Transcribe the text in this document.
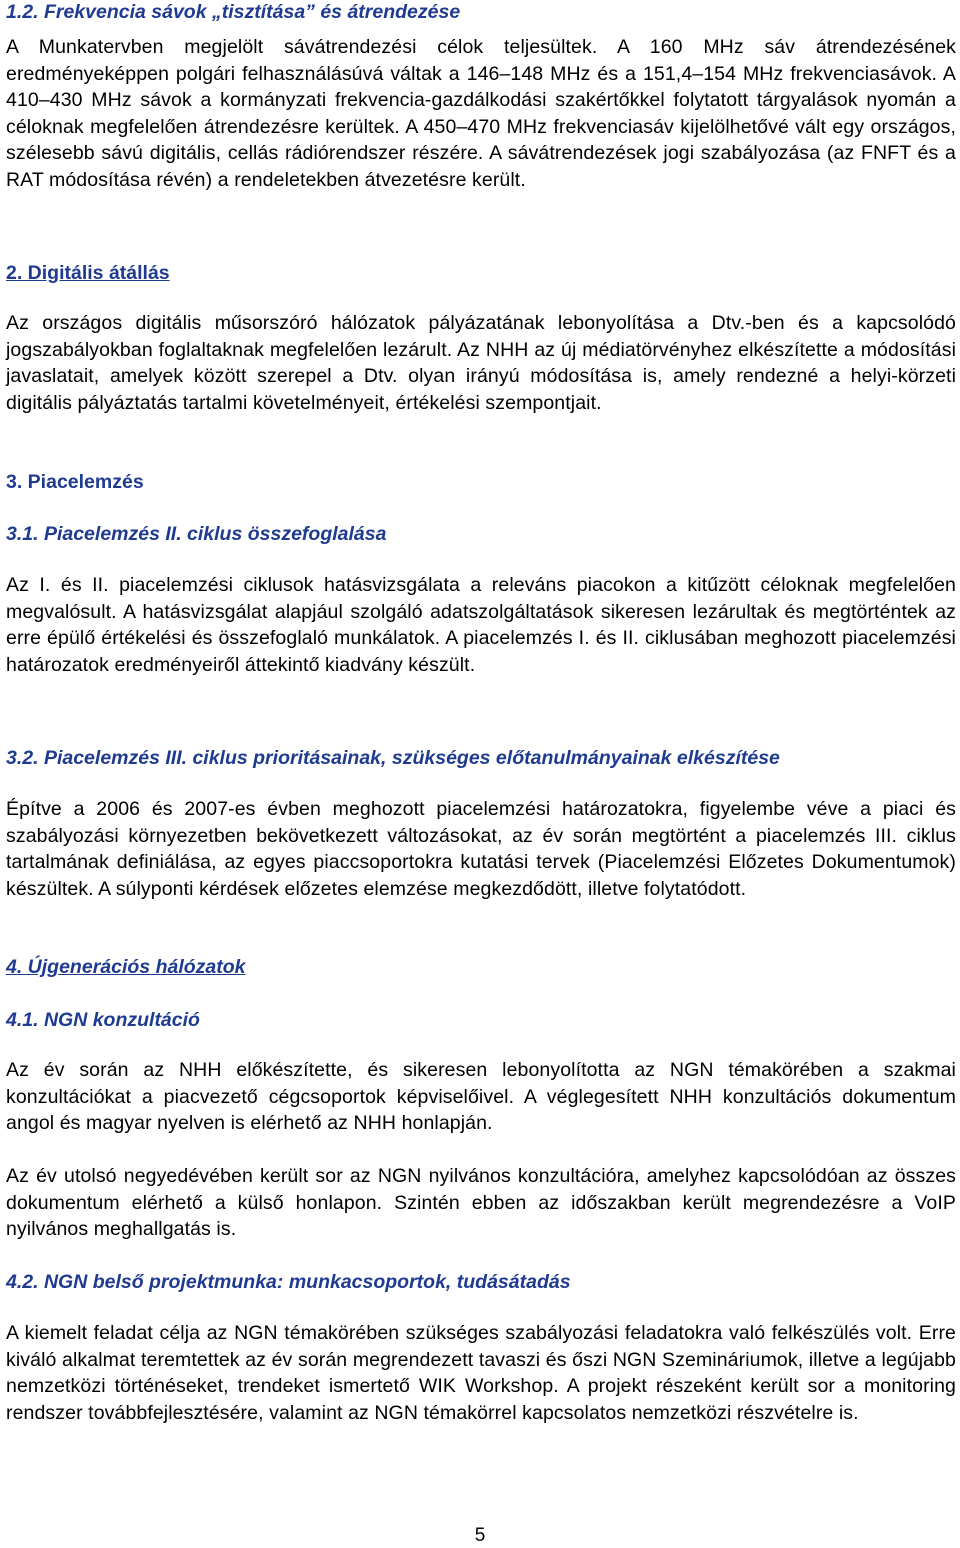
1.2. Frekvencia sávok „tisztítása” és átrendezése

A Munkatervben megjelölt sávátrendezési célok teljesültek. A 160 MHz sáv átrendezésének eredményeképpen polgári felhasználásúvá váltak a 146–148 MHz és a 151,4–154 MHz frekvenciasávok. A 410–430 MHz sávok a kormányzati frekvencia-gazdálkodási szakértőkkel folytatott tárgyalások nyomán a céloknak megfelelően átrendezésre kerültek. A 450–470 MHz frekvenciasáv kijelölhetővé vált egy országos, szélesebb sávú digitális, cellás rádiórendszer részére. A sávátrendezések jogi szabályozása (az FNFT és a RAT módosítása révén) a rendeletekben átvezetésre került.

2. Digitális átállás

Az országos digitális műsorszóró hálózatok pályázatának lebonyolítása a Dtv.-ben és a kapcsolódó jogszabályokban foglaltaknak megfelelően lezárult. Az NHH az új médiatörvényhez elkészítette a módosítási javaslatait, amelyek között szerepel a Dtv. olyan irányú módosítása is, amely rendezné a helyi-körzeti digitális pályáztatás tartalmi követelményeit, értékelési szempontjait.

3. Piacelemzés
3.1. Piacelemzés II. ciklus összefoglalása

Az I. és II. piacelemzési ciklusok hatásvizsgálata a releváns piacokon a kitűzött céloknak megfelelően megvalósult. A hatásvizsgálat alapjául szolgáló adatszolgáltatások sikeresen lezárultak és megtörténtek az erre épülő értékelési és összefoglaló munkálatok. A piacelemzés I. és II. ciklusában meghozott piacelemzési határozatok eredményeiről áttekintő kiadvány készült.

3.2. Piacelemzés III. ciklus prioritásainak, szükséges előtanulmányainak elkészítése

Építve a 2006 és 2007-es évben meghozott piacelemzési határozatokra, figyelembe véve a piaci és szabályozási környezetben bekövetkezett változásokat, az év során megtörtént a piacelemzés III. ciklus tartalmának definiálása, az egyes piaccsoportokra kutatási tervek (Piacelemzési Előzetes Dokumentumok) készültek. A súlyponti kérdések előzetes elemzése megkezdődött, illetve folytatódott.

4. Újgenerációs hálózatok
4.1. NGN konzultáció

Az év során az NHH előkészítette, és sikeresen lebonyolította az NGN témakörében a szakmai konzultációkat a piacvezető cégcsoportok képviselőivel. A véglegesített NHH konzultációs dokumentum angol és magyar nyelven is elérhető az NHH honlapján.

Az év utolsó negyedévében került sor az NGN nyilvános konzultációra, amelyhez kapcsolódóan az összes dokumentum elérhető a külső honlapon. Szintén ebben az időszakban került megrendezésre a VoIP nyilvános meghallgatás is.

4.2. NGN belső projektmunka: munkacsoportok, tudásátadás

A kiemelt feladat célja az NGN témakörében szükséges szabályozási feladatokra való felkészülés volt. Erre kiváló alkalmat teremtettek az év során megrendezett tavaszi és őszi NGN Szemináriumok, illetve a legújabb nemzetközi történéseket, trendeket ismertető WIK Workshop. A projekt részeként került sor a monitoring rendszer továbbfejlesztésére, valamint az NGN témakörrel kapcsolatos nemzetközi részvételre is.

5
